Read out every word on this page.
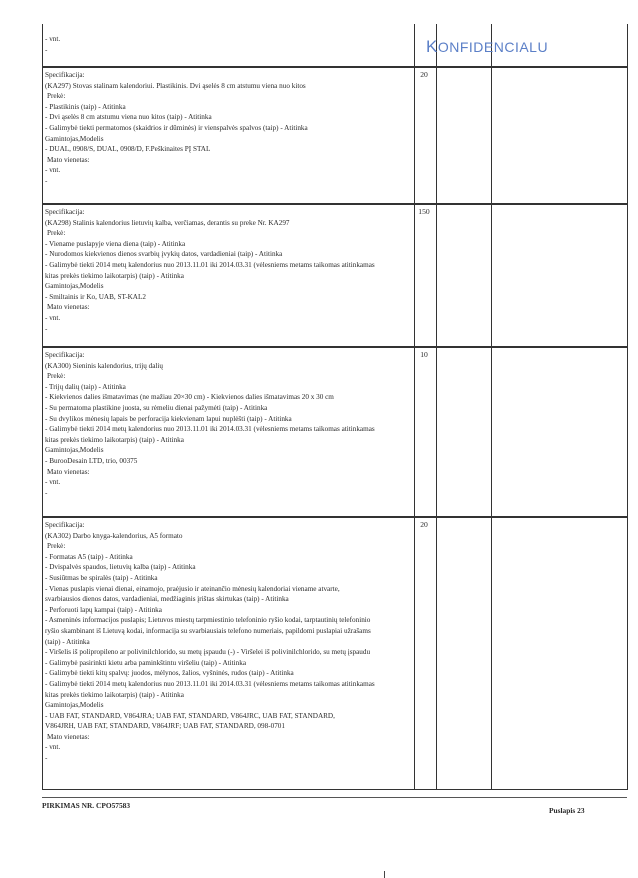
KONFIDENCIALU
- vnt.
-
Specifikacija:
(KA297) Stovas stalinam kalendoriui. Plastikinis. Dvi ąselės 8 cm atstumu viena nuo kitos
Prekė:
- Plastikinis (taip) - Atitinka
- Dvi ąselės 8 cm atstumu viena nuo kitos (taip) - Atitinka
- Galimybė tiekti permatomos (skaidrios ir dūminės) ir vienspalvės spalvos (taip) - Atitinka
Gamintojas,Modelis
- DUAL, 0908/S, DUAL, 0908/D, F.Peškinaites PĮ STAL
Mato vienetas:
- vnt.
-
20
Specifikacija:
(KA298) Stalinis kalendorius lietuvių kalba, verčiamas, derantis su preke Nr. KA297
Prekė:
- Viename puslapyje viena diena (taip) - Atitinka
- Nurodomos kiekvienos dienos svarbių įvykių datos, vardadieniai (taip) - Atitinka
- Galimybė tiekti 2014 metų kalendorius nuo 2013.11.01 iki 2014.03.31 (vėlesniems metams taikomas atitinkamas
kitas prekės tiekimo laikotarpis) (taip) - Atitinka
Gamintojas,Modelis
- Smiltainis ir Ko, UAB, ST-KAL2
Mato vienetas:
- vnt.
-
150
Specifikacija:
(KA300) Sieninis kalendorius, trijų dalių
Prekė:
- Trijų dalių (taip) - Atitinka
- Kiekvienos dalies išmatavimas (ne mažiau 20×30 cm) - Kiekvienos dalies išmatavimas 20 x 30 cm
- Su permatoma plastikine juosta, su rėmeliu dienai pažymėti (taip) - Atitinka
- Su dvylikos mėnesių lapais be perforacija kiekvienam lapui nuplėšti (taip) - Atitinka
- Galimybė tiekti 2014 metų kalendorius nuo 2013.11.01 iki 2014.03.31 (vėlesniems metams taikomas atitinkamas
kitas prekės tiekimo laikotarpis) (taip) - Atitinka
Gamintojas,Modelis
- BurooDesain LTD, trio, 00375
Mato vienetas:
- vnt.
-
10
Specifikacija:
(KA302) Darbo knyga-kalendorius, A5 formato
Prekė:
- Formatas A5 (taip) - Atitinka
- Dvispalvės spaudos, lietuvių kalba (taip) - Atitinka
- Susiūtmas be spiralės (taip) - Atitinka
- Vienas puslapis vienai dienai, einamojo, praėjusio ir ateinančio mėnesių kalendoriai viename atvarte,
svarbiausios dienos datos, vardadieniai, medžiaginis įrištas skirtukas (taip) - Atitinka
- Perforuoti lapų kampai (taip) - Atitinka
- Asmeninės informacijos puslapis; Lietuvos miestų tarpmiestinio telefoninio ryšio kodai, tarptautinių telefoninio
ryšio skambinant iš Lietuvą kodai, informacija su svarbiausiais telefono numeriais, papildomi puslapiai užrašams
(taip) - Atitinka
- Viršelis iš polipropileno ar polivinilchlorido, su metų įspaudu (-) - Viršelei iš polivinilchlorido, su metų įspaudu
- Galimybė pasirinkti kietu arba paminkštintu viršeliu (taip) - Atitinka
- Galimybė tiekti kitų spalvų: juodos, mėlynos, žalios, vyšninės, rudos (taip) - Atitinka
- Galimybė tiekti 2014 metų kalendorius nuo 2013.11.01 iki 2014.03.31 (vėlesniems metams taikomas atitinkamas
kitas prekės tiekimo laikotarpis) (taip) - Atitinka
Gamintojas,Modelis
- UAB FAT, STANDARD, V864JRA; UAB FAT, STANDARD, V864JRC, UAB FAT, STANDARD,
V864JRH, UAB FAT, STANDARD, V864JRF; UAB FAT, STANDARD, 098-0701
Mato vienetas:
- vnt.
-
20
PIRKIMAS NR. CPO57583
Puslapis 23
